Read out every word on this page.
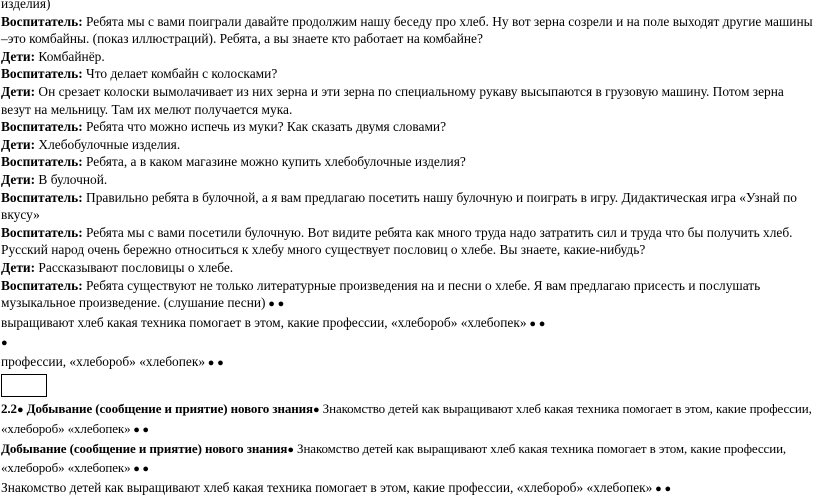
изделия)

Воспитатель: Ребята мы с вами поиграли давайте продолжим нашу беседу про хлеб. Ну вот зерна созрели и на поле выходят другие машины –это комбайны. (показ иллюстраций). Ребята, а вы знаете кто работает на комбайне?

Дети: Комбайнёр.

Воспитатель: Что делает комбайн с колосками?

Дети: Он срезает колоски вымолачивает из них зерна и эти зерна по специальному рукаву высыпаются в грузовую машину. Потом зерна везут на мельницу. Там их мелют получается мука.

Воспитатель: Ребята что можно испечь из муки? Как сказать двумя словами?

Дети: Хлебобулочные изделия.

Воспитатель: Ребята, а в каком магазине можно купить хлебобулочные изделия?

Дети: В булочной.

Воспитатель: Правильно ребята в булочной, а я вам предлагаю посетить нашу булочную и поиграть в игру. Дидактическая игра «Узнай по вкусу»

Воспитатель: Ребята мы с вами посетили булочную. Вот видите ребята как много труда надо затратить сил и труда что бы получить хлеб. Русский народ очень бережно относиться к хлебу много существует пословиц о хлебе. Вы знаете, какие-нибудь?

Дети: Рассказывают пословицы о хлебе.

Воспитатель: Ребята существуют не только литературные произведения на и песни о хлебе. Я вам предлагаю присесть и послушать музыкальное произведение. (слушание песни) ● ●

выращивают хлеб какая техника помогает в этом, какие профессии, «хлебороб» «хлебопек» ● ●

●

профессии, «хлебороб» «хлебопек» ● ●

2.2● Добывание (сообщение и приятие) нового знания● Знакомство детей как выращивают хлеб какая техника помогает в этом, какие профессии, «хлебороб» «хлебопек» ● ●

Добывание (сообщение и приятие) нового знания● Знакомство детей как выращивают хлеб какая техника помогает в этом, какие профессии, «хлебороб» «хлебопек» ● ●

Знакомство детей как выращивают хлеб какая техника помогает в этом, какие профессии, «хлебороб» «хлебопек» ● ●
